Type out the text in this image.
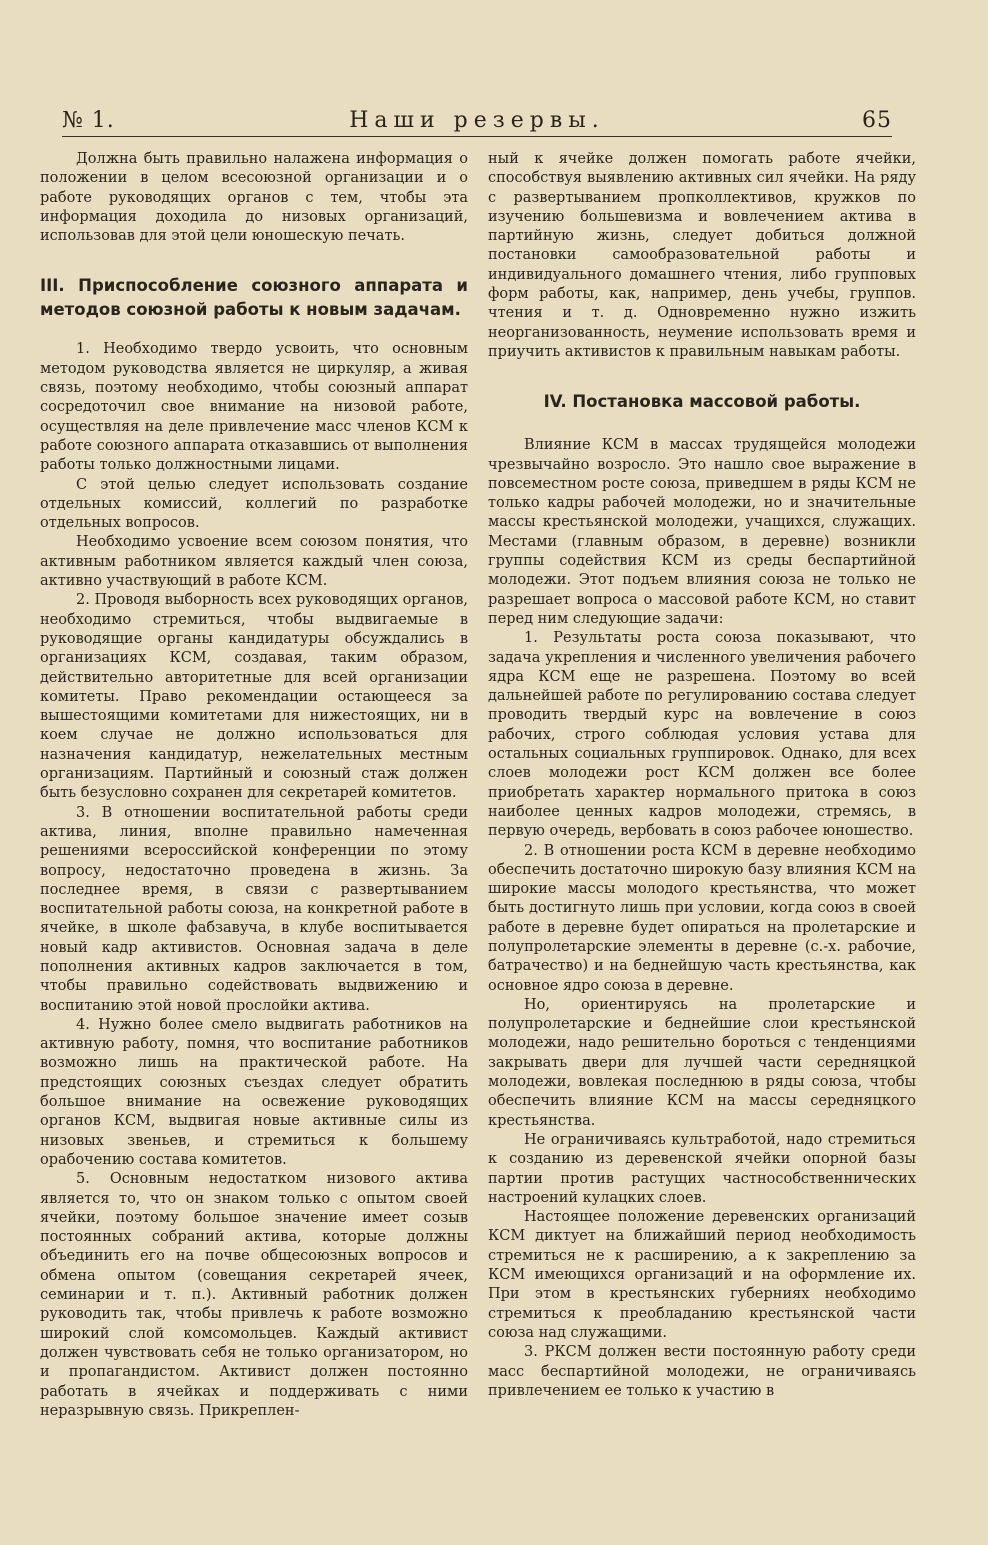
№ 1.	Наши резервы.	65

Должна быть правильно налажена информация о положении в целом всесоюзной организации и о работе руководящих органов с тем, чтобы эта информация доходила до низовых организаций, использовав для этой цели юношескую печать.

III. Приспособление союзного аппарата и методов союзной работы к новым задачам.

1. Необходимо твердо усвоить, что основным методом руководства является не циркуляр, а живая связь, поэтому необходимо, чтобы союзный аппарат сосредоточил свое внимание на низовой работе, осуществляя на деле привлечение масс членов КСМ к работе союзного аппарата отказавшись от выполнения работы только должностными лицами.

С этой целью следует использовать создание отдельных комиссий, коллегий по разработке отдельных вопросов.

Необходимо усвоение всем союзом понятия, что активным работником является каждый член союза, активно участвующий в работе КСМ.

2. Проводя выборность всех руководящих органов, необходимо стремиться, чтобы выдвигаемые в руководящие органы кандидатуры обсуждались в организациях КСМ, создавая, таким образом, действительно авторитетные для всей организации комитеты. Право рекомендации остающееся за вышестоящими комитетами для нижестоящих, ни в коем случае не должно использоваться для назначения кандидатур, нежелательных местным организациям. Партийный и союзный стаж должен быть безусловно сохранен для секретарей комитетов.

3. В отношении воспитательной работы среди актива, линия, вполне правильно намеченная решениями всероссийской конференции по этому вопросу, недостаточно проведена в жизнь. За последнее время, в связи с развертыванием воспитательной работы союза, на конкретной работе в ячейке, в школе фабзавуча, в клубе воспитывается новый кадр активистов. Основная задача в деле пополнения активных кадров заключается в том, чтобы правильно содействовать выдвижению и воспитанию этой новой прослойки актива.

4. Нужно более смело выдвигать работников на активную работу, помня, что воспитание работников возможно лишь на практической работе. На предстоящих союзных съездах следует обратить большое внимание на освежение руководящих органов КСМ, выдвигая новые активные силы из низовых звеньев, и стремиться к большему орабочению состава комитетов.

5. Основным недостатком низового актива является то, что он знаком только с опытом своей ячейки, поэтому большое значение имеет созыв постоянных собраний актива, которые должны объединить его на почве общесоюзных вопросов и обмена опытом (совещания секретарей ячеек, семинарии и т. п.). Активный работник должен руководить так, чтобы привлечь к работе возможно широкий слой комсомольцев. Каждый активист должен чувствовать себя не только организатором, но и пропагандистом. Активист должен постоянно работать в ячейках и поддерживать с ними неразрывную связь. Прикреплен-

ный к ячейке должен помогать работе ячейки, способствуя выявлению активных сил ячейки. На ряду с развертыванием пропколлективов, кружков по изучению большевизма и вовлечением актива в партийную жизнь, следует добиться должной постановки самообразовательной работы и индивидуального домашнего чтения, либо групповых форм работы, как, например, день учебы, группов. чтения и т. д. Одновременно нужно изжить неорганизованность, неумение использовать время и приучить активистов к правильным навыкам работы.

IV. Постановка массовой работы.

Влияние КСМ в массах трудящейся молодежи чрезвычайно возросло. Это нашло свое выражение в повсеместном росте союза, приведшем в ряды КСМ не только кадры рабочей молодежи, но и значительные массы крестьянской молодежи, учащихся, служащих. Местами (главным образом, в деревне) возникли группы содействия КСМ из среды беспартийной молодежи. Этот подъем влияния союза не только не разрешает вопроса о массовой работе КСМ, но ставит перед ним следующие задачи:

1. Результаты роста союза показывают, что задача укрепления и численного увеличения рабочего ядра КСМ еще не разрешена. Поэтому во всей дальнейшей работе по регулированию состава следует проводить твердый курс на вовлечение в союз рабочих, строго соблюдая условия устава для остальных социальных группировок. Однако, для всех слоев молодежи рост КСМ должен все более приобретать характер нормального притока в союз наиболее ценных кадров молодежи, стремясь, в первую очередь, вербовать в союз рабочее юношество.

2. В отношении роста КСМ в деревне необходимо обеспечить достаточно широкую базу влияния КСМ на широкие массы молодого крестьянства, что может быть достигнуто лишь при условии, когда союз в своей работе в деревне будет опираться на пролетарские и полупролетарские элементы в деревне (с.-х. рабочие, батрачество) и на беднейшую часть крестьянства, как основное ядро союза в деревне.

Но, ориентируясь на пролетарские и полупролетарские и беднейшие слои крестьянской молодежи, надо решительно бороться с тенденциями закрывать двери для лучшей части середняцкой молодежи, вовлекая последнюю в ряды союза, чтобы обеспечить влияние КСМ на массы середняцкого крестьянства.

Не ограничиваясь культработой, надо стремиться к созданию из деревенской ячейки опорной базы партии против растущих частнособственнических настроений кулацких слоев.

Настоящее положение деревенских организаций КСМ диктует на ближайший период необходимость стремиться не к расширению, а к закреплению за КСМ имеющихся организаций и на оформление их. При этом в крестьянских губерниях необходимо стремиться к преобладанию крестьянской части союза над служащими.

3. РКСМ должен вести постоянную работу среди масс беспартийной молодежи, не ограничиваясь привлечением ее только к участию в
